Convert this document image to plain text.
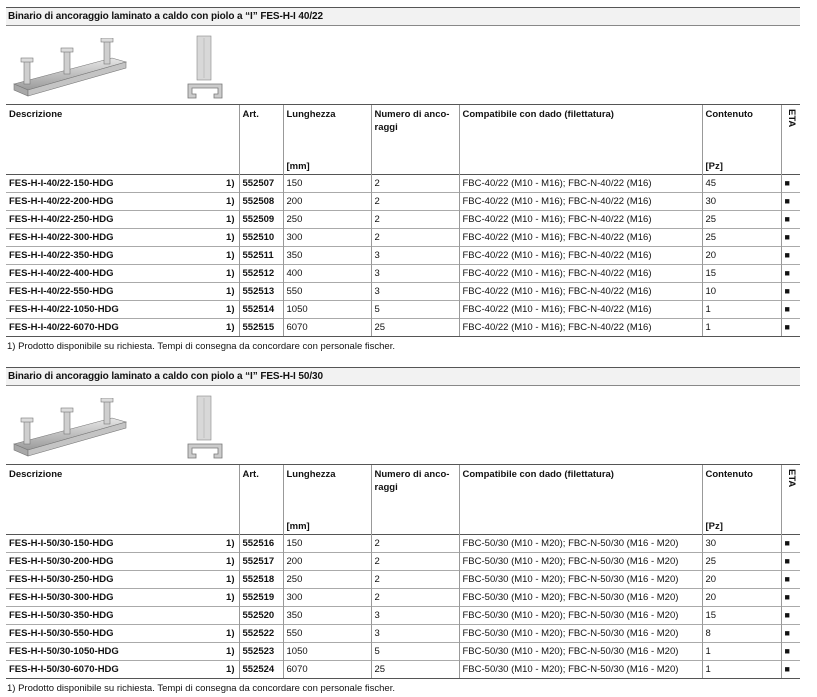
Binario di ancoraggio laminato a caldo con piolo a “I” FES-H-I 40/22
Descrizione	Art.	Lunghezza	Numero di anco-raggi	Compatibile con dado (filettatura)	Contenuto	ETA
		[mm]			[Pz]	
FES-H-I-40/22-150-HDG 1)	552507	150	2	FBC-40/22 (M10 - M16); FBC-N-40/22 (M16)	45	■
FES-H-I-40/22-200-HDG 1)	552508	200	2	FBC-40/22 (M10 - M16); FBC-N-40/22 (M16)	30	■
FES-H-I-40/22-250-HDG 1)	552509	250	2	FBC-40/22 (M10 - M16); FBC-N-40/22 (M16)	25	■
FES-H-I-40/22-300-HDG 1)	552510	300	2	FBC-40/22 (M10 - M16); FBC-N-40/22 (M16)	25	■
FES-H-I-40/22-350-HDG 1)	552511	350	3	FBC-40/22 (M10 - M16); FBC-N-40/22 (M16)	20	■
FES-H-I-40/22-400-HDG 1)	552512	400	3	FBC-40/22 (M10 - M16); FBC-N-40/22 (M16)	15	■
FES-H-I-40/22-550-HDG 1)	552513	550	3	FBC-40/22 (M10 - M16); FBC-N-40/22 (M16)	10	■
FES-H-I-40/22-1050-HDG 1)	552514	1050	5	FBC-40/22 (M10 - M16); FBC-N-40/22 (M16)	1	■
FES-H-I-40/22-6070-HDG 1)	552515	6070	25	FBC-40/22 (M10 - M16); FBC-N-40/22 (M16)	1	■
1) Prodotto disponibile su richiesta. Tempi di consegna da concordare con personale fischer.
Binario di ancoraggio laminato a caldo con piolo a “I” FES-H-I 50/30
Descrizione	Art.	Lunghezza	Numero di anco-raggi	Compatibile con dado (filettatura)	Contenuto	ETA
		[mm]			[Pz]	
FES-H-I-50/30-150-HDG 1)	552516	150	2	FBC-50/30 (M10 - M20); FBC-N-50/30 (M16 - M20)	30	■
FES-H-I-50/30-200-HDG 1)	552517	200	2	FBC-50/30 (M10 - M20); FBC-N-50/30 (M16 - M20)	25	■
FES-H-I-50/30-250-HDG 1)	552518	250	2	FBC-50/30 (M10 - M20); FBC-N-50/30 (M16 - M20)	20	■
FES-H-I-50/30-300-HDG 1)	552519	300	2	FBC-50/30 (M10 - M20); FBC-N-50/30 (M16 - M20)	20	■
FES-H-I-50/30-350-HDG	552520	350	3	FBC-50/30 (M10 - M20); FBC-N-50/30 (M16 - M20)	15	■
FES-H-I-50/30-550-HDG 1)	552522	550	3	FBC-50/30 (M10 - M20); FBC-N-50/30 (M16 - M20)	8	■
FES-H-I-50/30-1050-HDG 1)	552523	1050	5	FBC-50/30 (M10 - M20); FBC-N-50/30 (M16 - M20)	1	■
FES-H-I-50/30-6070-HDG 1)	552524	6070	25	FBC-50/30 (M10 - M20); FBC-N-50/30 (M16 - M20)	1	■
1) Prodotto disponibile su richiesta. Tempi di consegna da concordare con personale fischer.
